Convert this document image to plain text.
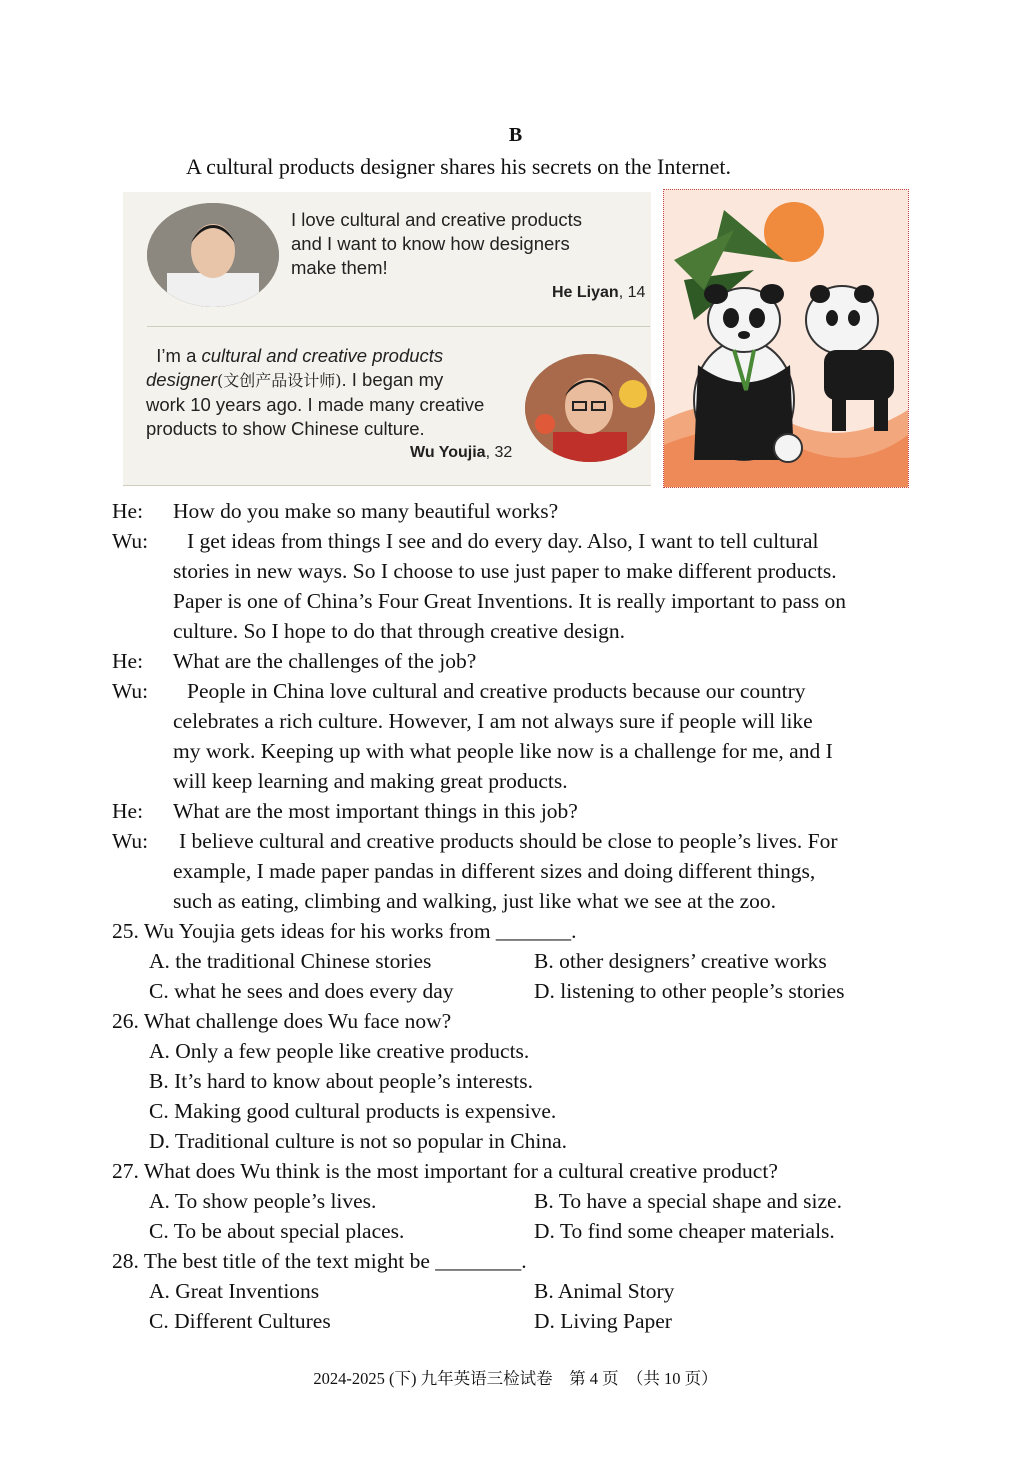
B
A cultural products designer shares his secrets on the Internet.
I love cultural and creative products
and I want to know how designers
make them!
He Liyan, 14
I’m a cultural and creative products
designer(文创产品设计师). I began my
work 10 years ago. I made many creative
products to show Chinese culture.
Wu Youjia, 32
He: How do you make so many beautiful works?
Wu:	I get ideas from things I see and do every day. Also, I want to tell cultural
stories in new ways. So I choose to use just paper to make different products.
Paper is one of China’s Four Great Inventions. It is really important to pass on
culture. So I hope to do that through creative design.
He: What are the challenges of the job?
Wu:	People in China love cultural and creative products because our country
celebrates a rich culture. However, I am not always sure if people will like
my work. Keeping up with what people like now is a challenge for me, and I
will keep learning and making great products.
He: What are the most important things in this job?
Wu: I believe cultural and creative products should be close to people’s lives. For
example, I made paper pandas in different sizes and doing different things,
such as eating, climbing and walking, just like what we see at the zoo.
25. Wu Youjia gets ideas for his works from _______.
A. the traditional Chinese stories	B. other designers’ creative works
C. what he sees and does every day	D. listening to other people’s stories
26. What challenge does Wu face now?
A. Only a few people like creative products.
B. It’s hard to know about people’s interests.
C. Making good cultural products is expensive.
D. Traditional culture is not so popular in China.
27. What does Wu think is the most important for a cultural creative product?
A. To show people’s lives.	B. To have a special shape and size.
C. To be about special places.	D. To find some cheaper materials.
28. The best title of the text might be ________.
A. Great Inventions	B. Animal Story
C. Different Cultures	D. Living Paper
2024-2025 (下) 九年英语三检试卷　第 4 页　（共 10 页）
